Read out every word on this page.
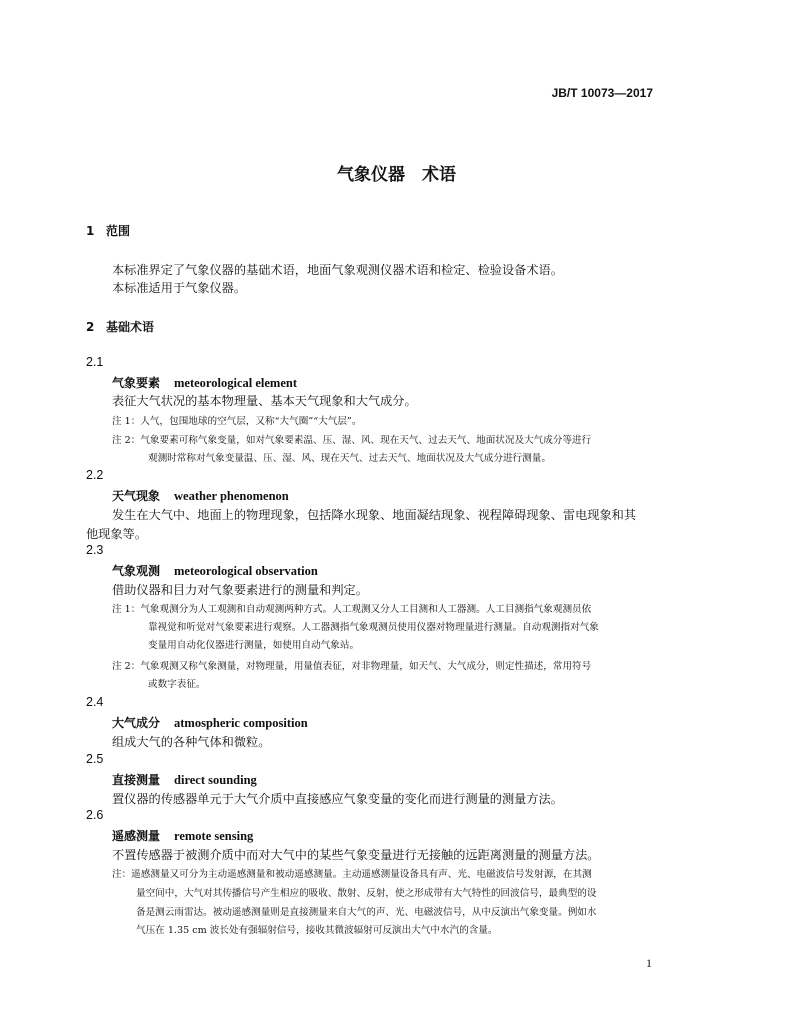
JB/T 10073—2017
气象仪器　术语
1 范围
本标准界定了气象仪器的基础术语，地面气象观测仪器术语和检定、检验设备术语。
本标准适用于气象仪器。
2 基础术语
2.1
气象要素 meteorological element
表征大气状况的基本物理量、基本天气现象和大气成分。
注 1：人气，包围地球的空气层，又称“大气圈”“大气层”。
注 2：气象要素可称气象变量，如对气象要素温、压、湿、风、现在天气、过去天气、地面状况及大气成分等进行
观测时常称对气象变量温、压、湿、风、现在天气、过去天气、地面状况及大气成分进行测量。
2.2
天气现象 weather phenomenon
发生在大气中、地面上的物理现象，包括降水现象、地面凝结现象、视程障碍现象、雷电现象和其
他现象等。
2.3
气象观测 meteorological observation
借助仪器和目力对气象要素进行的测量和判定。
注 1：气象观测分为人工观测和自动观测两种方式。人工观测又分人工目测和人工器测。人工目测指气象观测员依
靠视觉和听觉对气象要素进行观察。人工器测指气象观测员使用仪器对物理量进行测量。自动观测指对气象
变量用自动化仪器进行测量，如使用自动气象站。
注 2：气象观测又称气象测量，对物理量，用量值表征，对非物理量，如天气、大气成分，则定性描述，常用符号
或数字表征。
2.4
大气成分 atmospheric composition
组成大气的各种气体和微粒。
2.5
直接测量 direct sounding
置仪器的传感器单元于大气介质中直接感应气象变量的变化而进行测量的测量方法。
2.6
遥感测量 remote sensing
不置传感器于被测介质中而对大气中的某些气象变量进行无接触的远距离测量的测量方法。
注：遥感测量又可分为主动遥感测量和被动遥感测量。主动遥感测量设备具有声、光、电磁波信号发射源，在其测
量空间中，大气对其传播信号产生相应的吸收、散射、反射，使之形成带有大气特性的回波信号，最典型的设
备是测云雨雷达。被动遥感测量则是直接测量来自大气的声、光、电磁波信号，从中反演出气象变量。例如水
气压在 1.35 cm 波长处有强辐射信号，接收其微波辐射可反演出大气中水汽的含量。
1
